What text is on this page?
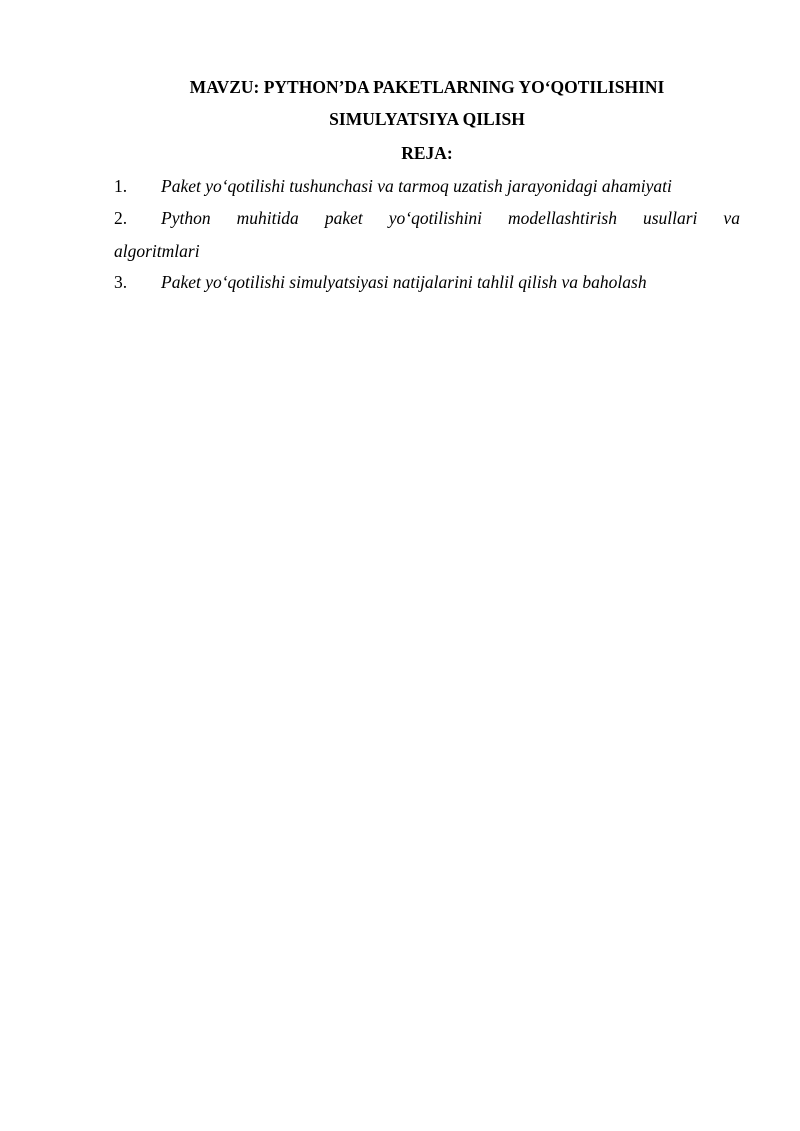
MAVZU: PYTHON’DA PAKETLARNING YO‘QOTILISHINI
SIMULYATSIYA QILISH
REJA:
1. Paket yo‘qotilishi tushunchasi va tarmoq uzatish jarayonidagi ahamiyati
2. Python muhitida paket yo‘qotilishini modellashtirish usullari va
algoritmlari
3. Paket yo‘qotilishi simulyatsiyasi natijalarini tahlil qilish va baholash
